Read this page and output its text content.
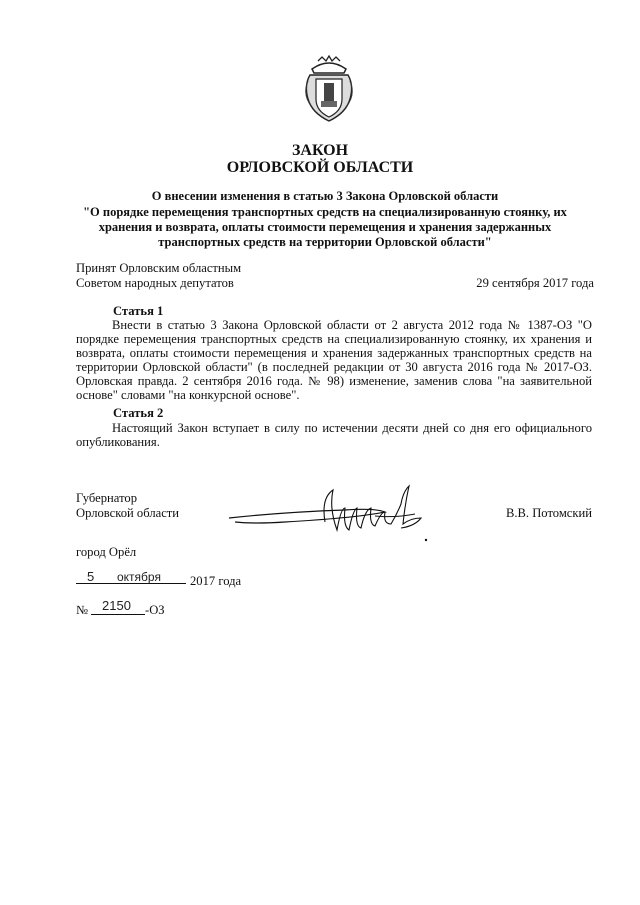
ЗАКОН
ОРЛОВСКОЙ ОБЛАСТИ
О внесении изменения в статью 3 Закона Орловской области
"О порядке перемещения транспортных средств на специализированную стоянку, их
хранения и возврата, оплаты стоимости перемещения и хранения задержанных
транспортных средств на территории Орловской области"
Принят Орловским областным
Советом народных депутатов	29 сентября 2017 года
Статья 1
Внести в статью 3 Закона Орловской области от 2 августа 2012 года № 1387-ОЗ "О порядке перемещения транспортных средств на специализированную стоянку, их хранения и возврата, оплаты стоимости перемещения и хранения задержанных транспортных средств на территории Орловской области" (в последней редакции от 30 августа 2016 года № 2017-ОЗ. Орловская правда. 2 сентября 2016 года. № 98) изменение, заменив слова "на заявительной основе" словами "на конкурсной основе".
Статья 2
Настоящий Закон вступает в силу по истечении десяти дней со дня его официального опубликования.
Губернатор
Орловской области	В.В. Потомский
город Орёл
5 октября 2017 года
№ 2150 -ОЗ
